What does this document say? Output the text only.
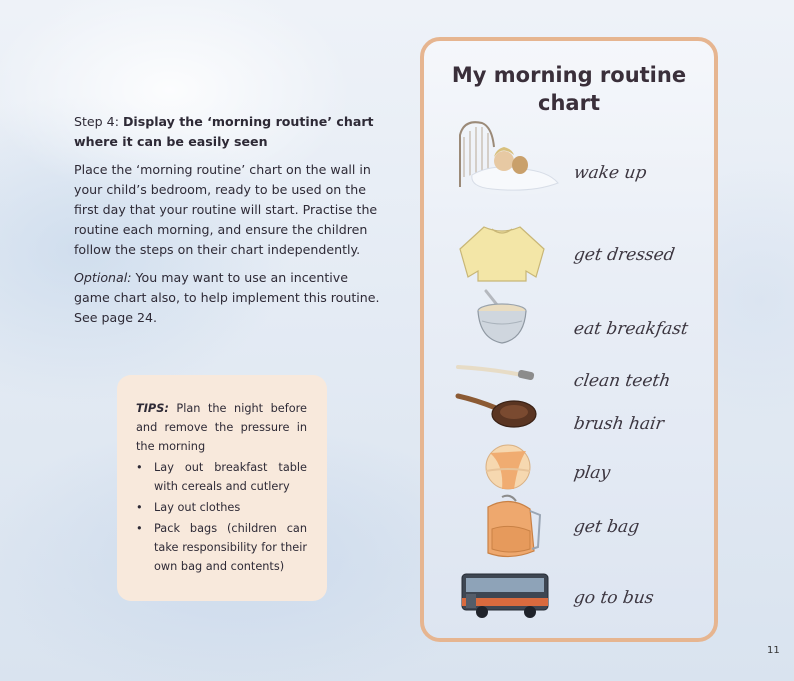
Step 4: Display the ‘morning routine’ chart where it can be easily seen

Place the ‘morning routine’ chart on the wall in your child’s bedroom, ready to be used on the first day that your routine will start. Practise the routine each morning, and ensure the children follow the steps on their chart independently.

Optional: You may want to use an incentive game chart also, to help implement this routine. See page 24.

TIPS: Plan the night before and remove the pressure in the morning
• Lay out breakfast table with cereals and cutlery
• Lay out clothes
• Pack bags (children can take responsibility for their own bag and contents)
My morning routine chart
wake up
get dressed
eat breakfast
clean teeth
brush hair
play
get bag
go to bus
11
